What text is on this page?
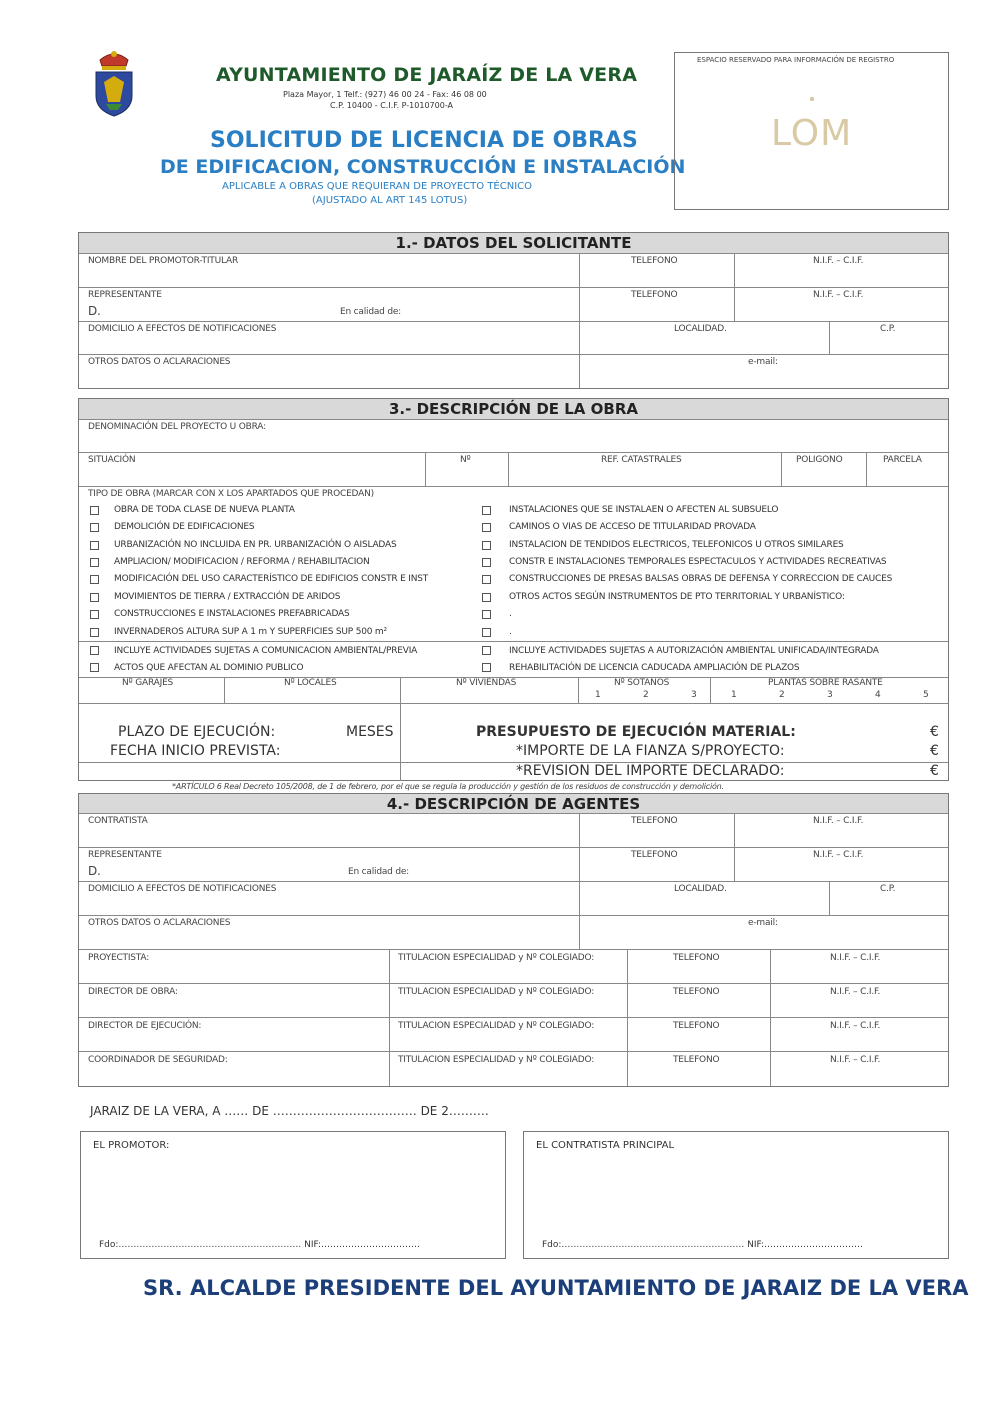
AYUNTAMIENTO DE JARAÍZ DE LA VERA
Plaza Mayor, 1 Telf.: (927) 46 00 24 - Fax: 46 08 00
C.P. 10400 - C.I.F. P-1010700-A
SOLICITUD DE LICENCIA DE OBRAS
DE EDIFICACION, CONSTRUCCIÓN E INSTALACIÓN
APLICABLE A OBRAS QUE REQUIERAN DE PROYECTO TÉCNICO
(AJUSTADO AL ART 145 LOTUS)
ESPACIO RESERVADO PARA INFORMACIÓN DE REGISTRO
LOM
1.- DATOS DEL SOLICITANTE
NOMBRE DEL PROMOTOR-TITULAR	TELEFONO	N.I.F. – C.I.F.
REPRESENTANTE	TELEFONO	N.I.F. – C.I.F.
D.	En calidad de:
DOMICILIO A EFECTOS DE NOTIFICACIONES	LOCALIDAD.	C.P.
OTROS DATOS O ACLARACIONES	e-mail:
3.- DESCRIPCIÓN DE LA OBRA
DENOMINACIÓN DEL PROYECTO U OBRA:
SITUACIÓN	Nº	REF. CATASTRALES	POLIGONO	PARCELA
TIPO DE OBRA (MARCAR CON X LOS APARTADOS QUE PROCEDAN)
OBRA DE TODA CLASE DE NUEVA PLANTA
DEMOLICIÓN DE EDIFICACIONES
URBANIZACIÓN NO INCLUIDA EN PR. URBANIZACIÓN O AISLADAS
AMPLIACION/ MODIFICACION / REFORMA / REHABILITACION
MODIFICACIÓN DEL USO CARACTERÍSTICO DE EDIFICIOS CONSTR E INST
MOVIMIENTOS DE TIERRA / EXTRACCIÓN DE ARIDOS
CONSTRUCCIONES E INSTALACIONES PREFABRICADAS
INVERNADEROS ALTURA SUP A 1 m Y SUPERFICIES SUP 500 m²
INCLUYE ACTIVIDADES SUJETAS A COMUNICACION AMBIENTAL/PREVIA
ACTOS QUE AFECTAN AL DOMINIO PUBLICO
INSTALACIONES QUE SE INSTALAEN O AFECTEN AL SUBSUELO
CAMINOS O VIAS DE ACCESO DE TITULARIDAD PROVADA
INSTALACION DE TENDIDOS ELECTRICOS, TELEFONICOS U OTROS SIMILARES
CONSTR E INSTALACIONES TEMPORALES ESPECTACULOS Y ACTIVIDADES RECREATIVAS
CONSTRUCCIONES DE PRESAS BALSAS OBRAS DE DEFENSA Y CORRECCION DE CAUCES
OTROS ACTOS SEGÚN INSTRUMENTOS DE PTO TERRITORIAL Y URBANÍSTICO:
.
.
INCLUYE ACTIVIDADES SUJETAS A AUTORIZACIÓN AMBIENTAL UNIFICADA/INTEGRADA
REHABILITACIÓN DE LICENCIA CADUCADA AMPLIACIÓN DE PLAZOS
Nº GARAJES	Nº LOCALES	Nº VIVIENDAS	Nº SOTANOS	PLANTAS SOBRE RASANTE
1	2	3	1	2	3	4	5
PLAZO DE EJECUCIÓN:	MESES
FECHA INICIO PREVISTA:
PRESUPUESTO DE EJECUCIÓN MATERIAL:	€
*IMPORTE DE LA FIANZA S/PROYECTO:	€
*REVISION DEL IMPORTE DECLARADO:	€
*ARTÍCULO 6 Real Decreto 105/2008, de 1 de febrero, por el que se regula la producción y gestión de los residuos de construcción y demolición.
4.- DESCRIPCIÓN DE AGENTES
CONTRATISTA	TELEFONO	N.I.F. – C.I.F.
REPRESENTANTE	TELEFONO	N.I.F. – C.I.F.
D.	En calidad de:
DOMICILIO A EFECTOS DE NOTIFICACIONES	LOCALIDAD.	C.P.
OTROS DATOS O ACLARACIONES	e-mail:
PROYECTISTA:	TITULACION ESPECIALIDAD y Nº COLEGIADO:	TELEFONO	N.I.F. – C.I.F.
DIRECTOR DE OBRA:	TITULACION ESPECIALIDAD y Nº COLEGIADO:	TELEFONO	N.I.F. – C.I.F.
DIRECTOR DE EJECUCIÓN:	TITULACION ESPECIALIDAD y Nº COLEGIADO:	TELEFONO	N.I.F. – C.I.F.
COORDINADOR DE SEGURIDAD:	TITULACION ESPECIALIDAD y Nº COLEGIADO:	TELEFONO	N.I.F. – C.I.F.
JARAIZ DE LA VERA, A …… DE ……………………………… DE 2……….
EL PROMOTOR:
Fdo:……………………………………………………. NIF:……………………………
EL CONTRATISTA PRINCIPAL
Fdo:……………………………………………………. NIF:……………………………
SR. ALCALDE PRESIDENTE DEL AYUNTAMIENTO DE JARAIZ DE LA VERA
